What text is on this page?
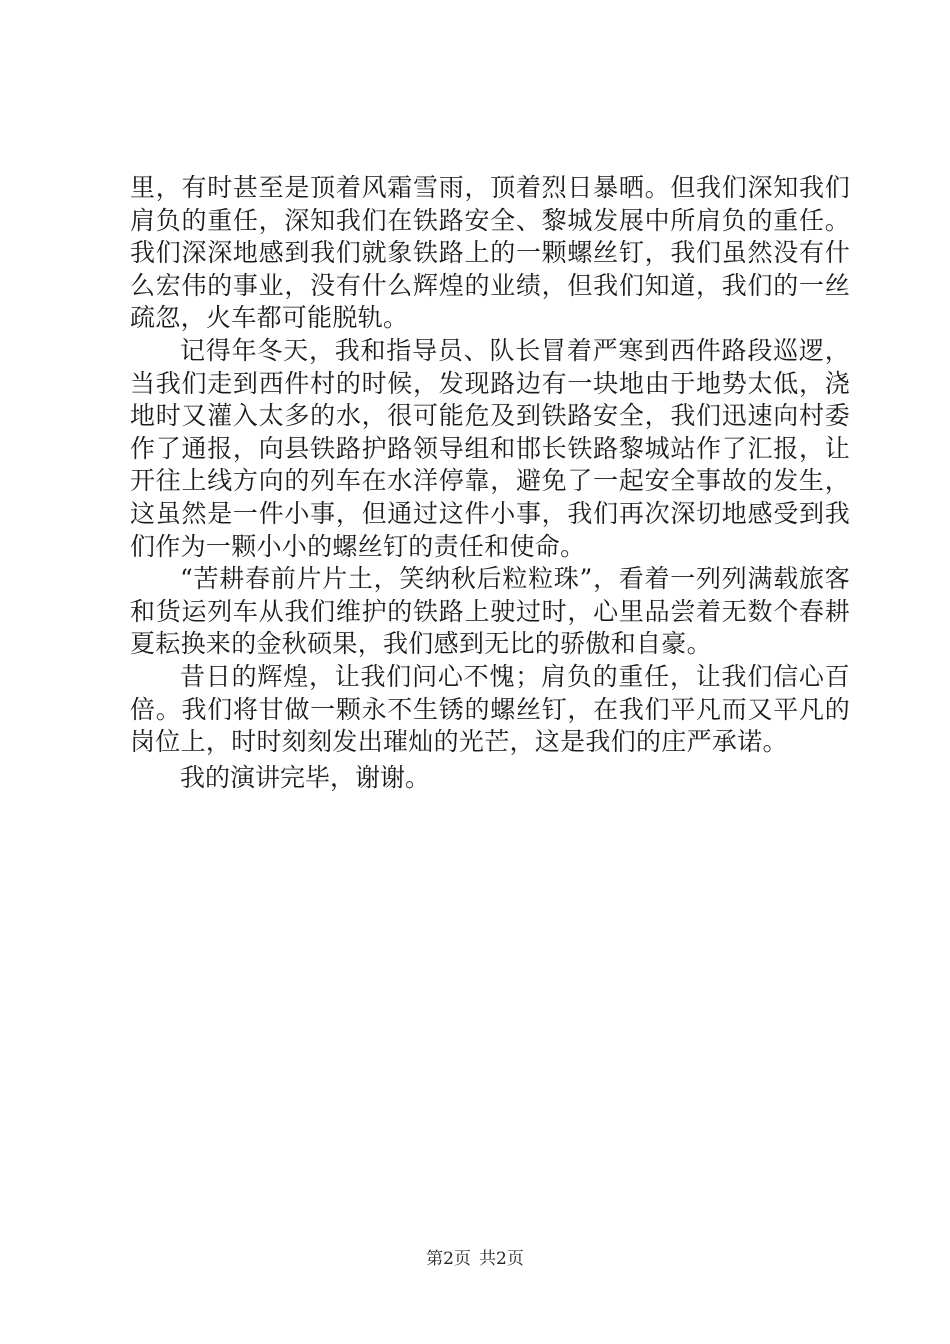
里，有时甚至是顶着风霜雪雨，顶着烈日暴晒。但我们深知我们肩负的重任，深知我们在铁路安全、黎城发展中所肩负的重任。我们深深地感到我们就象铁路上的一颗螺丝钉，我们虽然没有什么宏伟的事业，没有什么辉煌的业绩，但我们知道，我们的一丝疏忽，火车都可能脱轨。

记得年冬天，我和指导员、队长冒着严寒到西件路段巡逻，当我们走到西件村的时候，发现路边有一块地由于地势太低，浇地时又灌入太多的水，很可能危及到铁路安全，我们迅速向村委作了通报，向县铁路护路领导组和邯长铁路黎城站作了汇报，让开往上线方向的列车在水洋停靠，避免了一起安全事故的发生，这虽然是一件小事，但通过这件小事，我们再次深切地感受到我们作为一颗小小的螺丝钉的责任和使命。

“苦耕春前片片土，笑纳秋后粒粒珠”，看着一列列满载旅客和货运列车从我们维护的铁路上驶过时，心里品尝着无数个春耕夏耘换来的金秋硕果，我们感到无比的骄傲和自豪。

昔日的辉煌，让我们问心不愧；肩负的重任，让我们信心百倍。我们将甘做一颗永不生锈的螺丝钉，在我们平凡而又平凡的岗位上，时时刻刻发出璀灿的光芒，这是我们的庄严承诺。

我的演讲完毕，谢谢。
第2页 共2页
